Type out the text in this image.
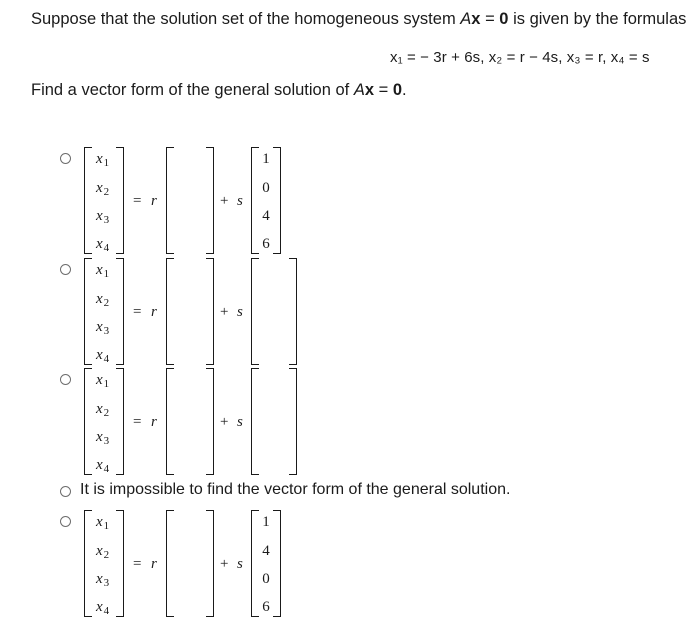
Suppose that the solution set of the homogeneous system Ax = 0 is given by the formulas
x₁ = − 3r + 6s, x₂ = r − 4s, x₃ = r, x₄ = s
Find a vector form of the general solution of Ax = 0.
$x_1$
$x_2$
$x_3$
$x_4$
= r	+ s
1
0
4
6
$x_1$
$x_2$
$x_3$
$x_4$
= r	+ s
$x_1$
$x_2$
$x_3$
$x_4$
= r	+ s
It is impossible to find the vector form of the general solution.
$x_1$
$x_2$
$x_3$
$x_4$
= r	+ s
1
4
0
6
